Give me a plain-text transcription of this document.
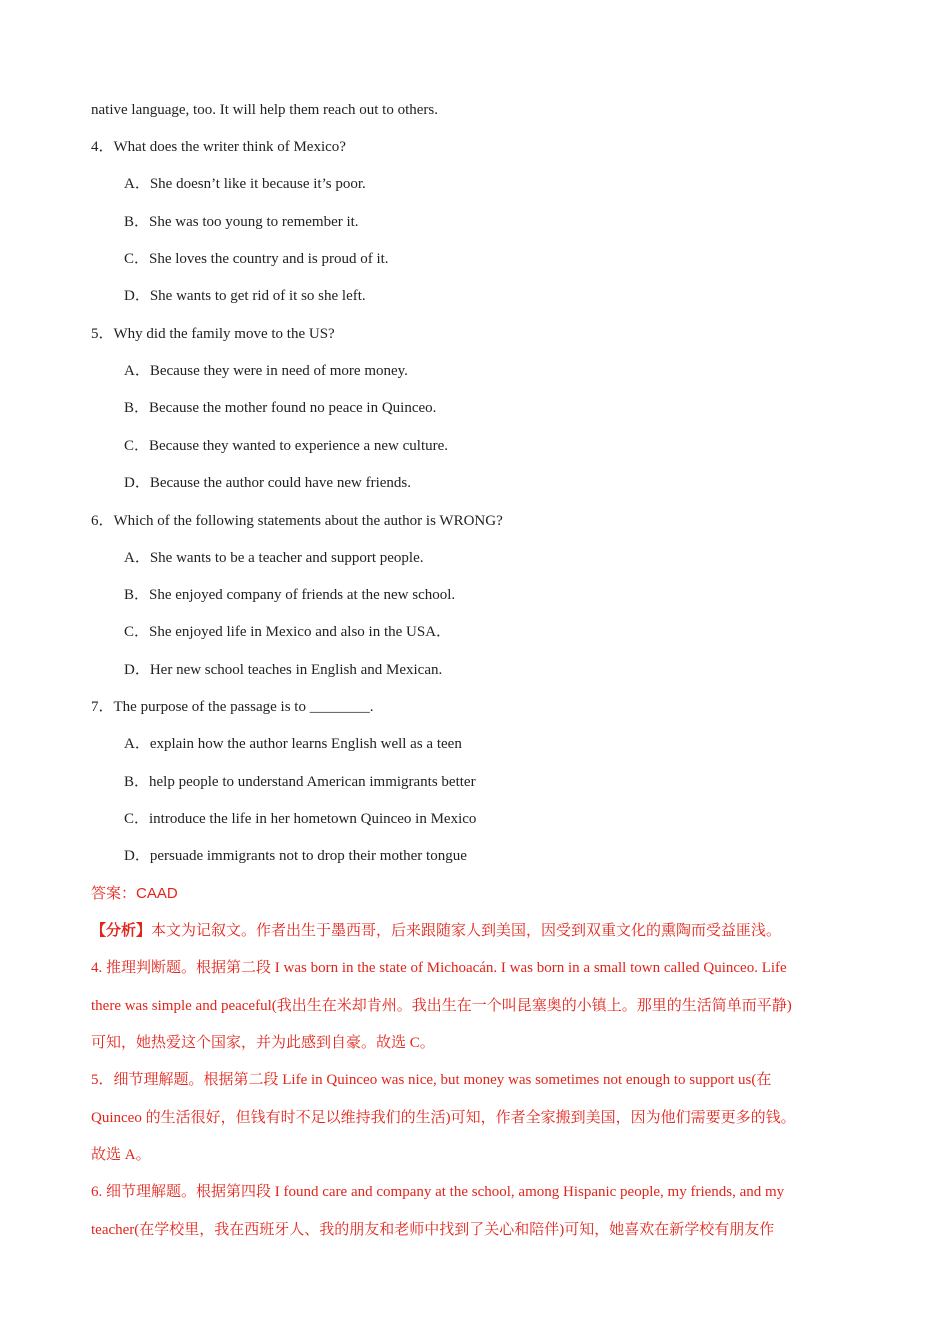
native language, too. It will help them reach out to others.
4．What does the writer think of Mexico?
A．She doesn’t like it because it’s poor.
B．She was too young to remember it.
C．She loves the country and is proud of it.
D．She wants to get rid of it so she left.
5．Why did the family move to the US?
A．Because they were in need of more money.
B．Because the mother found no peace in Quinceo.
C．Because they wanted to experience a new culture.
D．Because the author could have new friends.
6．Which of the following statements about the author is WRONG?
A．She wants to be a teacher and support people.
B．She enjoyed company of friends at the new school.
C．She enjoyed life in Mexico and also in the USA．
D．Her new school teaches in English and Mexican.
7．The purpose of the passage is to ________.
A．explain how the author learns English well as a teen
B．help people to understand American immigrants better
C．introduce the life in her hometown Quinceo in Mexico
D．persuade immigrants not to drop their mother tongue
答案：CAAD
【分析】本文为记叙文。作者出生于墨西哥，后来跟随家人到美国，因受到双重文化的熏陶而受益匪浅。
4. 推理判断题。根据第二段 I was born in the state of Michoacán. I was born in a small town called Quinceo. Life
there was simple and peaceful(我出生在米却肯州。我出生在一个叫昆塞奥的小镇上。那里的生活简单而平静)
可知，她热爱这个国家，并为此感到自豪。故选 C。
5．细节理解题。根据第二段 Life in Quinceo was nice, but money was sometimes not enough to support us(在
Quinceo 的生活很好，但钱有时不足以维持我们的生活)可知，作者全家搬到美国，因为他们需要更多的钱。
故选 A。
6. 细节理解题。根据第四段 I found care and company at the school, among Hispanic people, my friends, and my
teacher(在学校里，我在西班牙人、我的朋友和老师中找到了关心和陪伴)可知，她喜欢在新学校有朋友作
